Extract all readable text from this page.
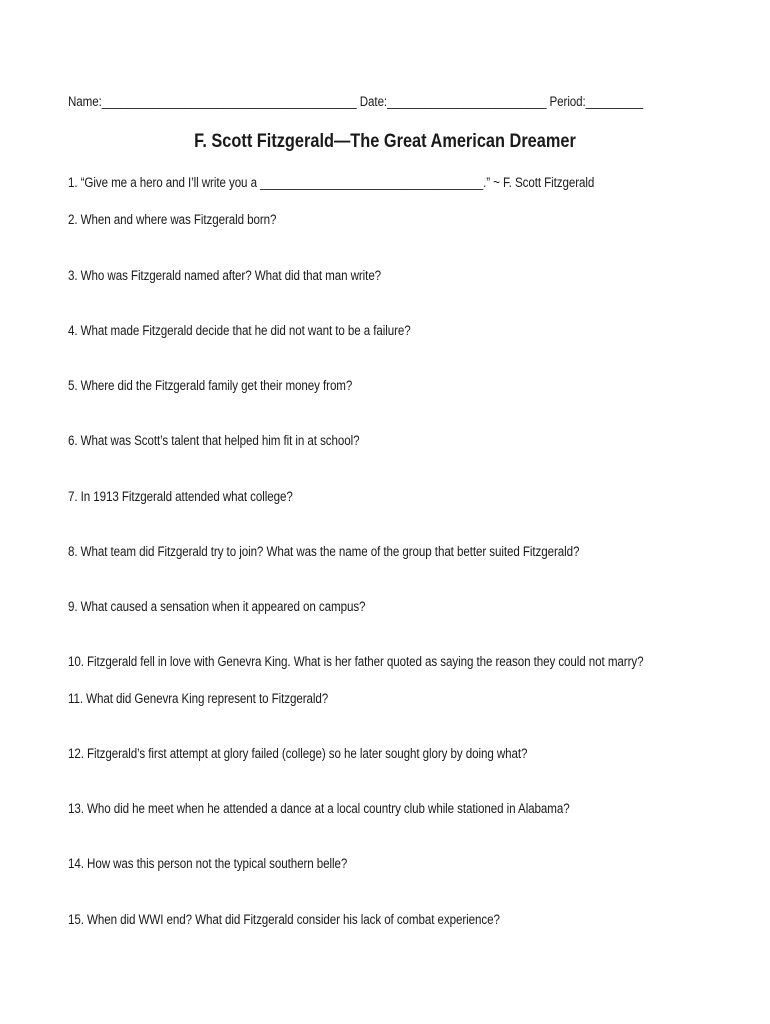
Name:________________________________________ Date:_________________________ Period:_________
F. Scott Fitzgerald—The Great American Dreamer
1. “Give me a hero and I’ll write you a ___________________________________.” ~ F. Scott Fitzgerald
2. When and where was Fitzgerald born?
3. Who was Fitzgerald named after? What did that man write?
4. What made Fitzgerald decide that he did not want to be a failure?
5. Where did the Fitzgerald family get their money from?
6. What was Scott’s talent that helped him fit in at school?
7. In 1913 Fitzgerald attended what college?
8. What team did Fitzgerald try to join? What was the name of the group that better suited Fitzgerald?
9. What caused a sensation when it appeared on campus?
10. Fitzgerald fell in love with Genevra King. What is her father quoted as saying the reason they could not marry?
11. What did Genevra King represent to Fitzgerald?
12. Fitzgerald’s first attempt at glory failed (college) so he later sought glory by doing what?
13. Who did he meet when he attended a dance at a local country club while stationed in Alabama?
14. How was this person not the typical southern belle?
15. When did WWI end? What did Fitzgerald consider his lack of combat experience?
